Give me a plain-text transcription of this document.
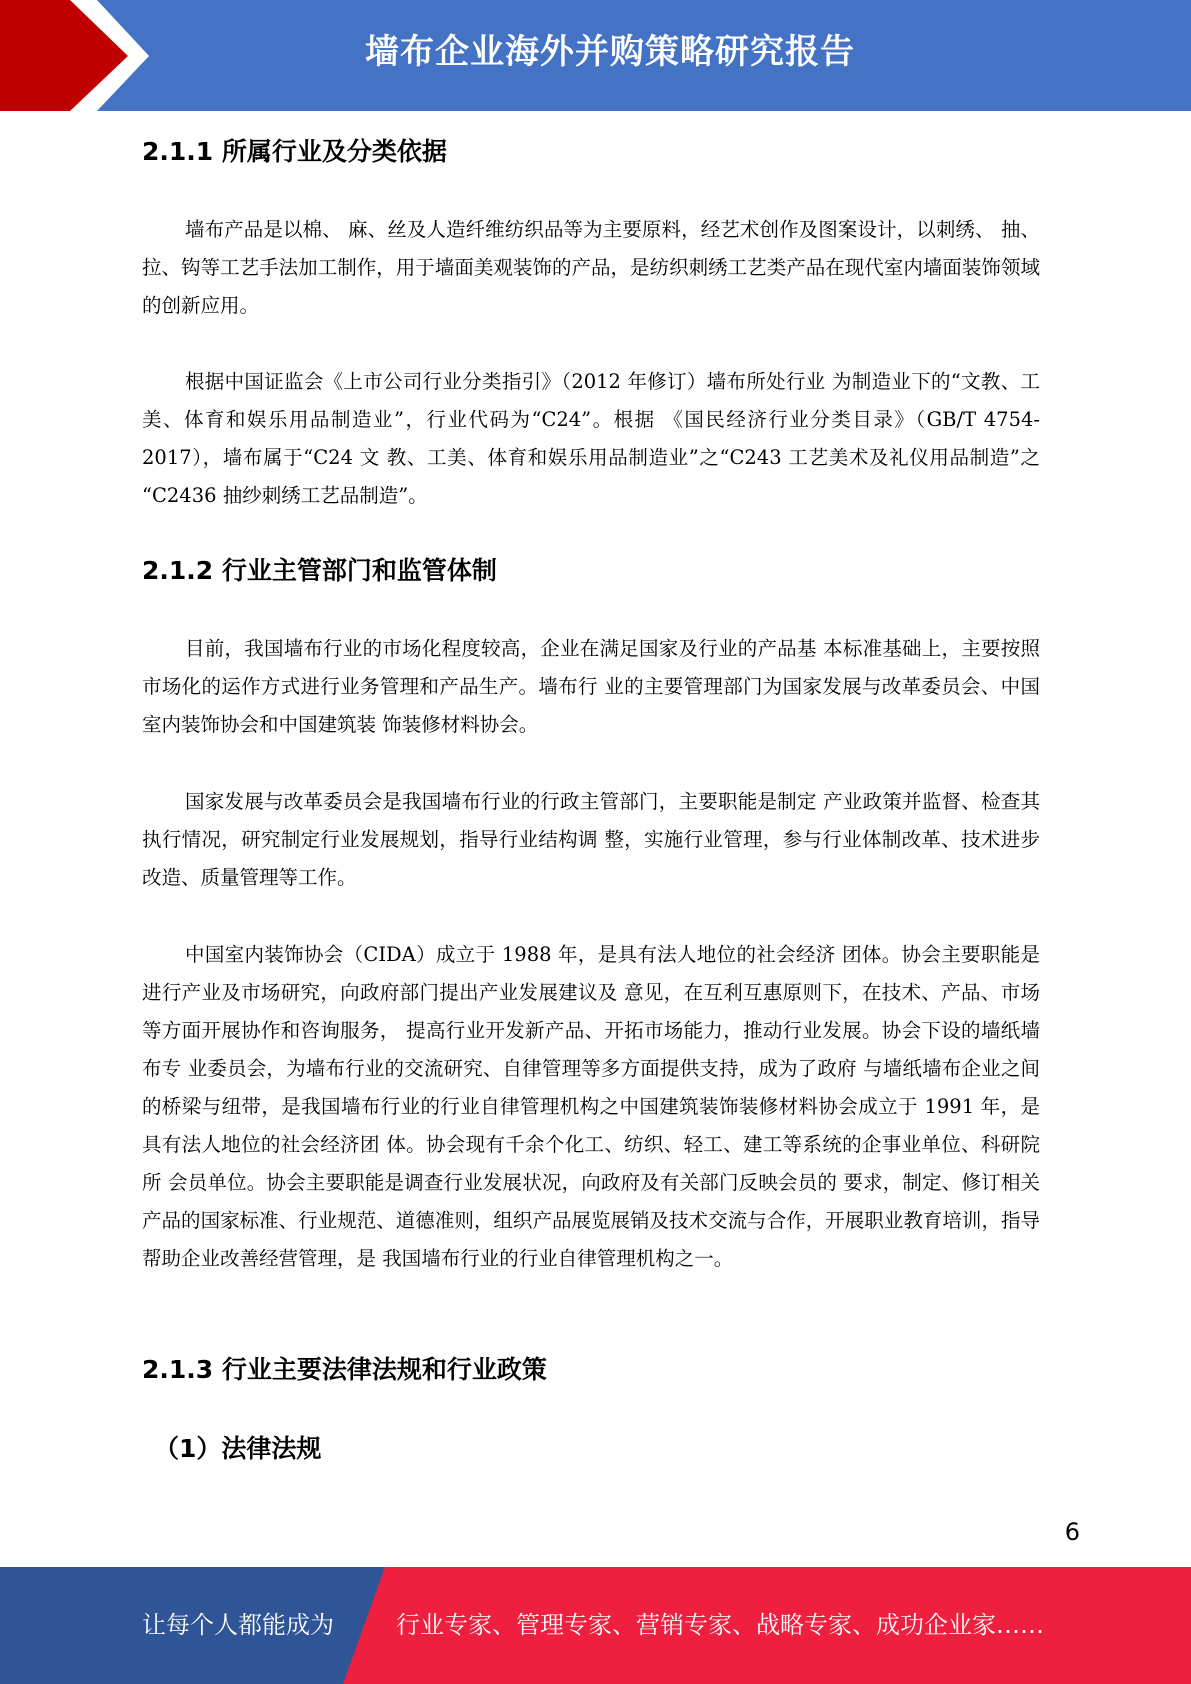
墙布企业海外并购策略研究报告
2.1.1 所属行业及分类依据

墙布产品是以棉、 麻、丝及人造纤维纺织品等为主要原料，经艺术创作及图案设计，以刺绣、 抽、拉、钩等工艺手法加工制作，用于墙面美观装饰的产品，是纺织刺绣工艺类产品在现代室内墙面装饰领域的创新应用。

根据中国证监会《上市公司行业分类指引》（2012 年修订）墙布所处行业 为制造业下的“文教、工美、体育和娱乐用品制造业”，行业代码为“C24”。根据 《国民经济行业分类目录》（GB/T 4754-2017），墙布属于“C24 文 教、工美、体育和娱乐用品制造业”之“C243 工艺美术及礼仪用品制造”之 “C2436 抽纱刺绣工艺品制造”。

2.1.2 行业主管部门和监管体制

目前，我国墙布行业的市场化程度较高，企业在满足国家及行业的产品基 本标准基础上，主要按照市场化的运作方式进行业务管理和产品生产。墙布行 业的主要管理部门为国家发展与改革委员会、中国室内装饰协会和中国建筑装 饰装修材料协会。

国家发展与改革委员会是我国墙布行业的行政主管部门，主要职能是制定 产业政策并监督、检查其执行情况，研究制定行业发展规划，指导行业结构调 整，实施行业管理，参与行业体制改革、技术进步改造、质量管理等工作。

中国室内装饰协会（CIDA）成立于 1988 年，是具有法人地位的社会经济 团体。协会主要职能是进行产业及市场研究，向政府部门提出产业发展建议及 意见，在互利互惠原则下，在技术、产品、市场等方面开展协作和咨询服务， 提高行业开发新产品、开拓市场能力，推动行业发展。协会下设的墙纸墙布专 业委员会，为墙布行业的交流研究、自律管理等多方面提供支持，成为了政府 与墙纸墙布企业之间的桥梁与纽带，是我国墙布行业的行业自律管理机构之中国建筑装饰装修材料协会成立于 1991 年，是具有法人地位的社会经济团 体。协会现有千余个化工、纺织、轻工、建工等系统的企事业单位、科研院所 会员单位。协会主要职能是调查行业发展状况，向政府及有关部门反映会员的 要求，制定、修订相关产品的国家标准、行业规范、道德准则，组织产品展览展销及技术交流与合作，开展职业教育培训，指导帮助企业改善经营管理，是 我国墙布行业的行业自律管理机构之一。

2.1.3 行业主要法律法规和行业政策
（1）法律法规
6
让每个人都能成为	行业专家、管理专家、营销专家、战略专家、成功企业家……
